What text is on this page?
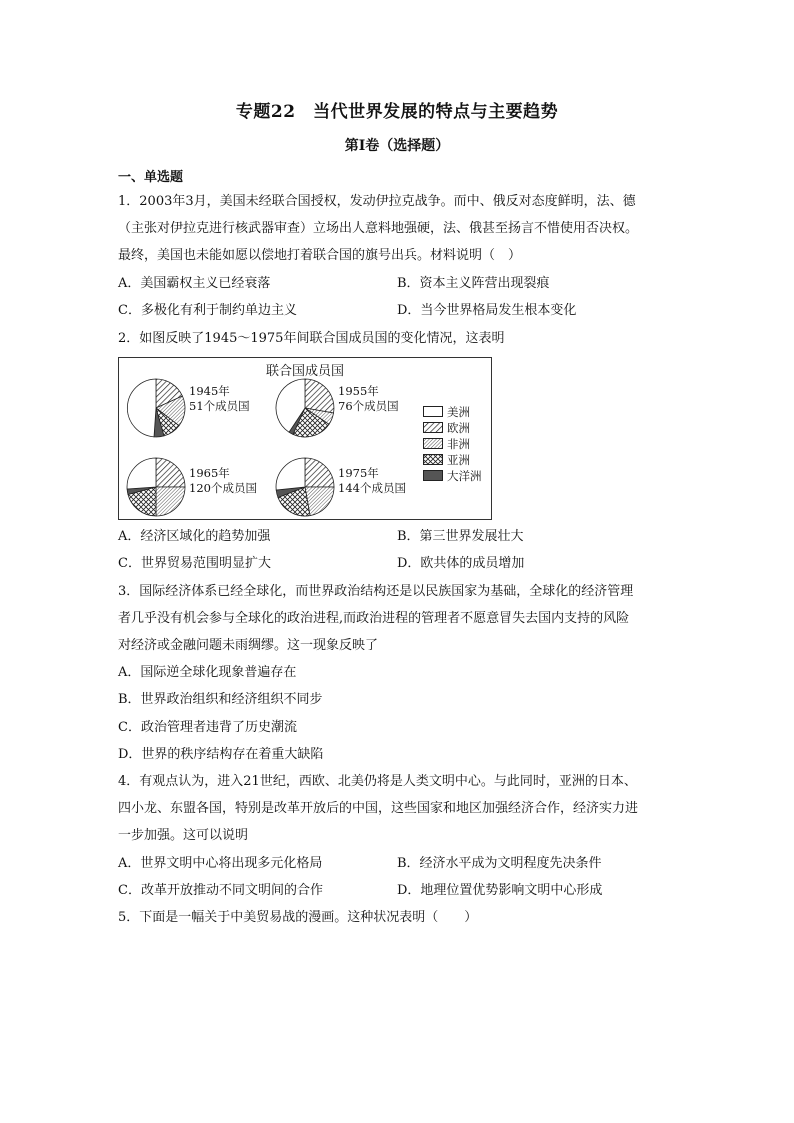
专题22　当代世界发展的特点与主要趋势
第Ⅰ卷（选择题）
一、单选题
1．2003年3月，美国未经联合国授权，发动伊拉克战争。而中、俄反对态度鲜明，法、德
（主张对伊拉克进行核武器审查）立场出人意料地强硬，法、俄甚至扬言不惜使用否决权。
最终，美国也未能如愿以偿地打着联合国的旗号出兵。材料说明（　）
A．美国霸权主义已经衰落	B．资本主义阵营出现裂痕
C．多极化有利于制约单边主义	D．当今世界格局发生根本变化
2．如图反映了1945～1975年间联合国成员国的变化情况，这表明
联合国成员国
1945年
51个成员国
1955年
76个成员国
1965年
120个成员国
1975年
144个成员国
美洲
欧洲
非洲
亚洲
大洋洲
A．经济区域化的趋势加强	B．第三世界发展壮大
C．世界贸易范围明显扩大	D．欧共体的成员增加
3．国际经济体系已经全球化，而世界政治结构还是以民族国家为基础，全球化的经济管理
者几乎没有机会参与全球化的政治进程,而政治进程的管理者不愿意冒失去国内支持的风险
对经济或金融问题未雨绸缪。这一现象反映了
A．国际逆全球化现象普遍存在
B．世界政治组织和经济组织不同步
C．政治管理者违背了历史潮流
D．世界的秩序结构存在着重大缺陷
4．有观点认为，进入21世纪，西欧、北美仍将是人类文明中心。与此同时，亚洲的日本、
四小龙、东盟各国，特别是改革开放后的中国，这些国家和地区加强经济合作，经济实力进
一步加强。这可以说明
A．世界文明中心将出现多元化格局	B．经济水平成为文明程度先决条件
C．改革开放推动不同文明间的合作	D．地理位置优势影响文明中心形成
5．下面是一幅关于中美贸易战的漫画。这种状况表明（　　）
